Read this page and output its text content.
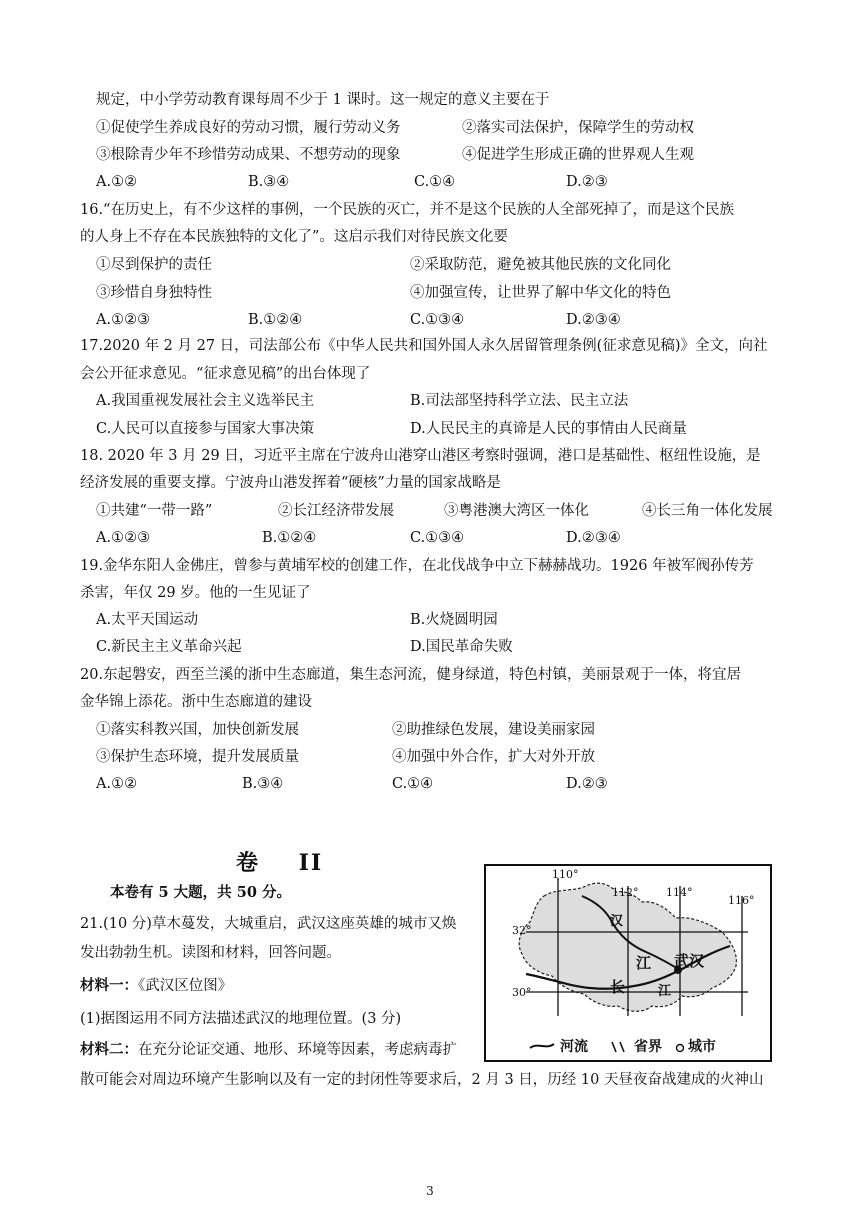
规定，中小学劳动教育课每周不少于 1 课时。这一规定的意义主要在于
①促使学生养成良好的劳动习惯，履行劳动义务	②落实司法保护，保障学生的劳动权
③根除青少年不珍惜劳动成果、不想劳动的现象	④促进学生形成正确的世界观人生观
A.①②	B.③④	C.①④	D.②③
16.“在历史上，有不少这样的事例，一个民族的灭亡，并不是这个民族的人全部死掉了，而是这个民族
的人身上不存在本民族独特的文化了”。这启示我们对待民族文化要
①尽到保护的责任	②采取防范，避免被其他民族的文化同化
③珍惜自身独特性	④加强宣传，让世界了解中华文化的特色
A.①②③	B.①②④	C.①③④	D.②③④
17.2020 年 2 月 27 日，司法部公布《中华人民共和国外国人永久居留管理条例(征求意见稿)》全文，向社
会公开征求意见。“征求意见稿”的出台体现了
A.我国重视发展社会主义选举民主	B.司法部坚持科学立法、民主立法
C.人民可以直接参与国家大事决策	D.人民民主的真谛是人民的事情由人民商量
18. 2020 年 3 月 29 日，习近平主席在宁波舟山港穿山港区考察时强调，港口是基础性、枢纽性设施，是
经济发展的重要支撑。宁波舟山港发挥着“硬核”力量的国家战略是
①共建“一带一路”	②长江经济带发展	③粤港澳大湾区一体化	④长三角一体化发展
A.①②③	B.①②④	C.①③④	D.②③④
19.金华东阳人金佛庄，曾参与黄埔军校的创建工作，在北伐战争中立下赫赫战功。1926 年被军阀孙传芳
杀害，年仅 29 岁。他的一生见证了
A.太平天国运动	B.火烧圆明园
C.新民主主义革命兴起	D.国民革命失败
20.东起磐安，西至兰溪的浙中生态廊道，集生态河流，健身绿道，特色村镇，美丽景观于一体，将宜居
金华锦上添花。浙中生态廊道的建设
①落实科教兴国，加快创新发展	②助推绿色发展，建设美丽家园
③保护生态环境，提升发展质量	④加强中外合作，扩大对外开放
A.①②	B.③④	C.①④	D.②③
卷    II
本卷有 5 大题，共 50 分。
21.(10 分)草木蔓发，大城重启，武汉这座英雄的城市又焕
发出勃勃生机。读图和材料，回答问题。
材料一：《武汉区位图》
(1)据图运用不同方法描述武汉的地理位置。(3 分)
材料二：在充分论证交通、地形、环境等因素，考虑病毒扩
散可能会对周边环境产生影响以及有一定的封闭性等要求后，2 月 3 日，历经 10 天昼夜奋战建成的火神山
110°
112°	114°
116°
32°
30°
汉
江
长	江
武汉
河流	省界 城市
3
